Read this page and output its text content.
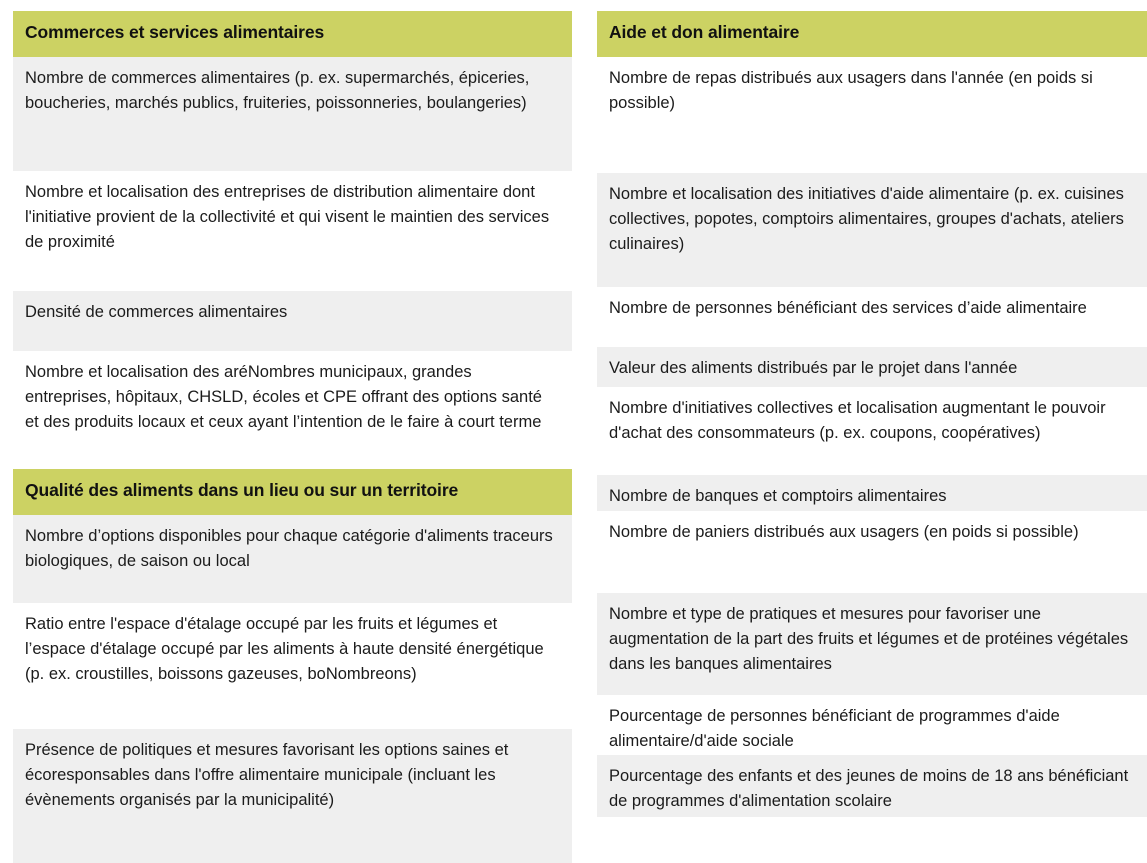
Commerces et services alimentaires
Nombre de commerces alimentaires (p. ex. supermarchés, épiceries, boucheries, marchés publics, fruiteries, poissonneries, boulangeries)
Nombre et localisation des entreprises de distribution alimentaire dont l'initiative provient de la collectivité et qui visent le maintien des services de proximité
Densité de commerces alimentaires
Nombre et localisation des aréNombres municipaux, grandes entreprises, hôpitaux, CHSLD, écoles et CPE offrant des options santé et des produits locaux et ceux ayant l’intention de le faire à court terme
Qualité des aliments dans un lieu ou sur un territoire
Nombre d’options disponibles pour chaque catégorie d'aliments traceurs biologiques, de saison ou local
Ratio entre l'espace d'étalage occupé par les fruits et légumes et l’espace d'étalage occupé par les aliments à haute densité énergétique (p. ex. croustilles, boissons gazeuses, boNombreons)
Présence de politiques et mesures favorisant les options saines et écoresponsables dans l'offre alimentaire municipale (incluant les évènements organisés par la municipalité)
Aide et don alimentaire
Nombre de repas distribués aux usagers dans l'année (en poids si possible)
Nombre et localisation des initiatives d'aide alimentaire (p. ex. cuisines collectives, popotes, comptoirs alimentaires, groupes d'achats, ateliers culinaires)
Nombre de personnes bénéficiant des services d’aide alimentaire
Valeur des aliments distribués par le projet dans l'année
Nombre d'initiatives collectives et localisation augmentant le pouvoir d'achat des consommateurs (p. ex. coupons, coopératives)
Nombre de banques et comptoirs alimentaires
Nombre de paniers distribués aux usagers (en poids si possible)
Nombre et type de pratiques et mesures pour favoriser une augmentation de la part des fruits et légumes et de protéines végétales dans les banques alimentaires
Pourcentage de personnes bénéficiant de programmes d'aide alimentaire/d'aide sociale
Pourcentage des enfants et des jeunes de moins de 18 ans bénéficiant de programmes d'alimentation scolaire
